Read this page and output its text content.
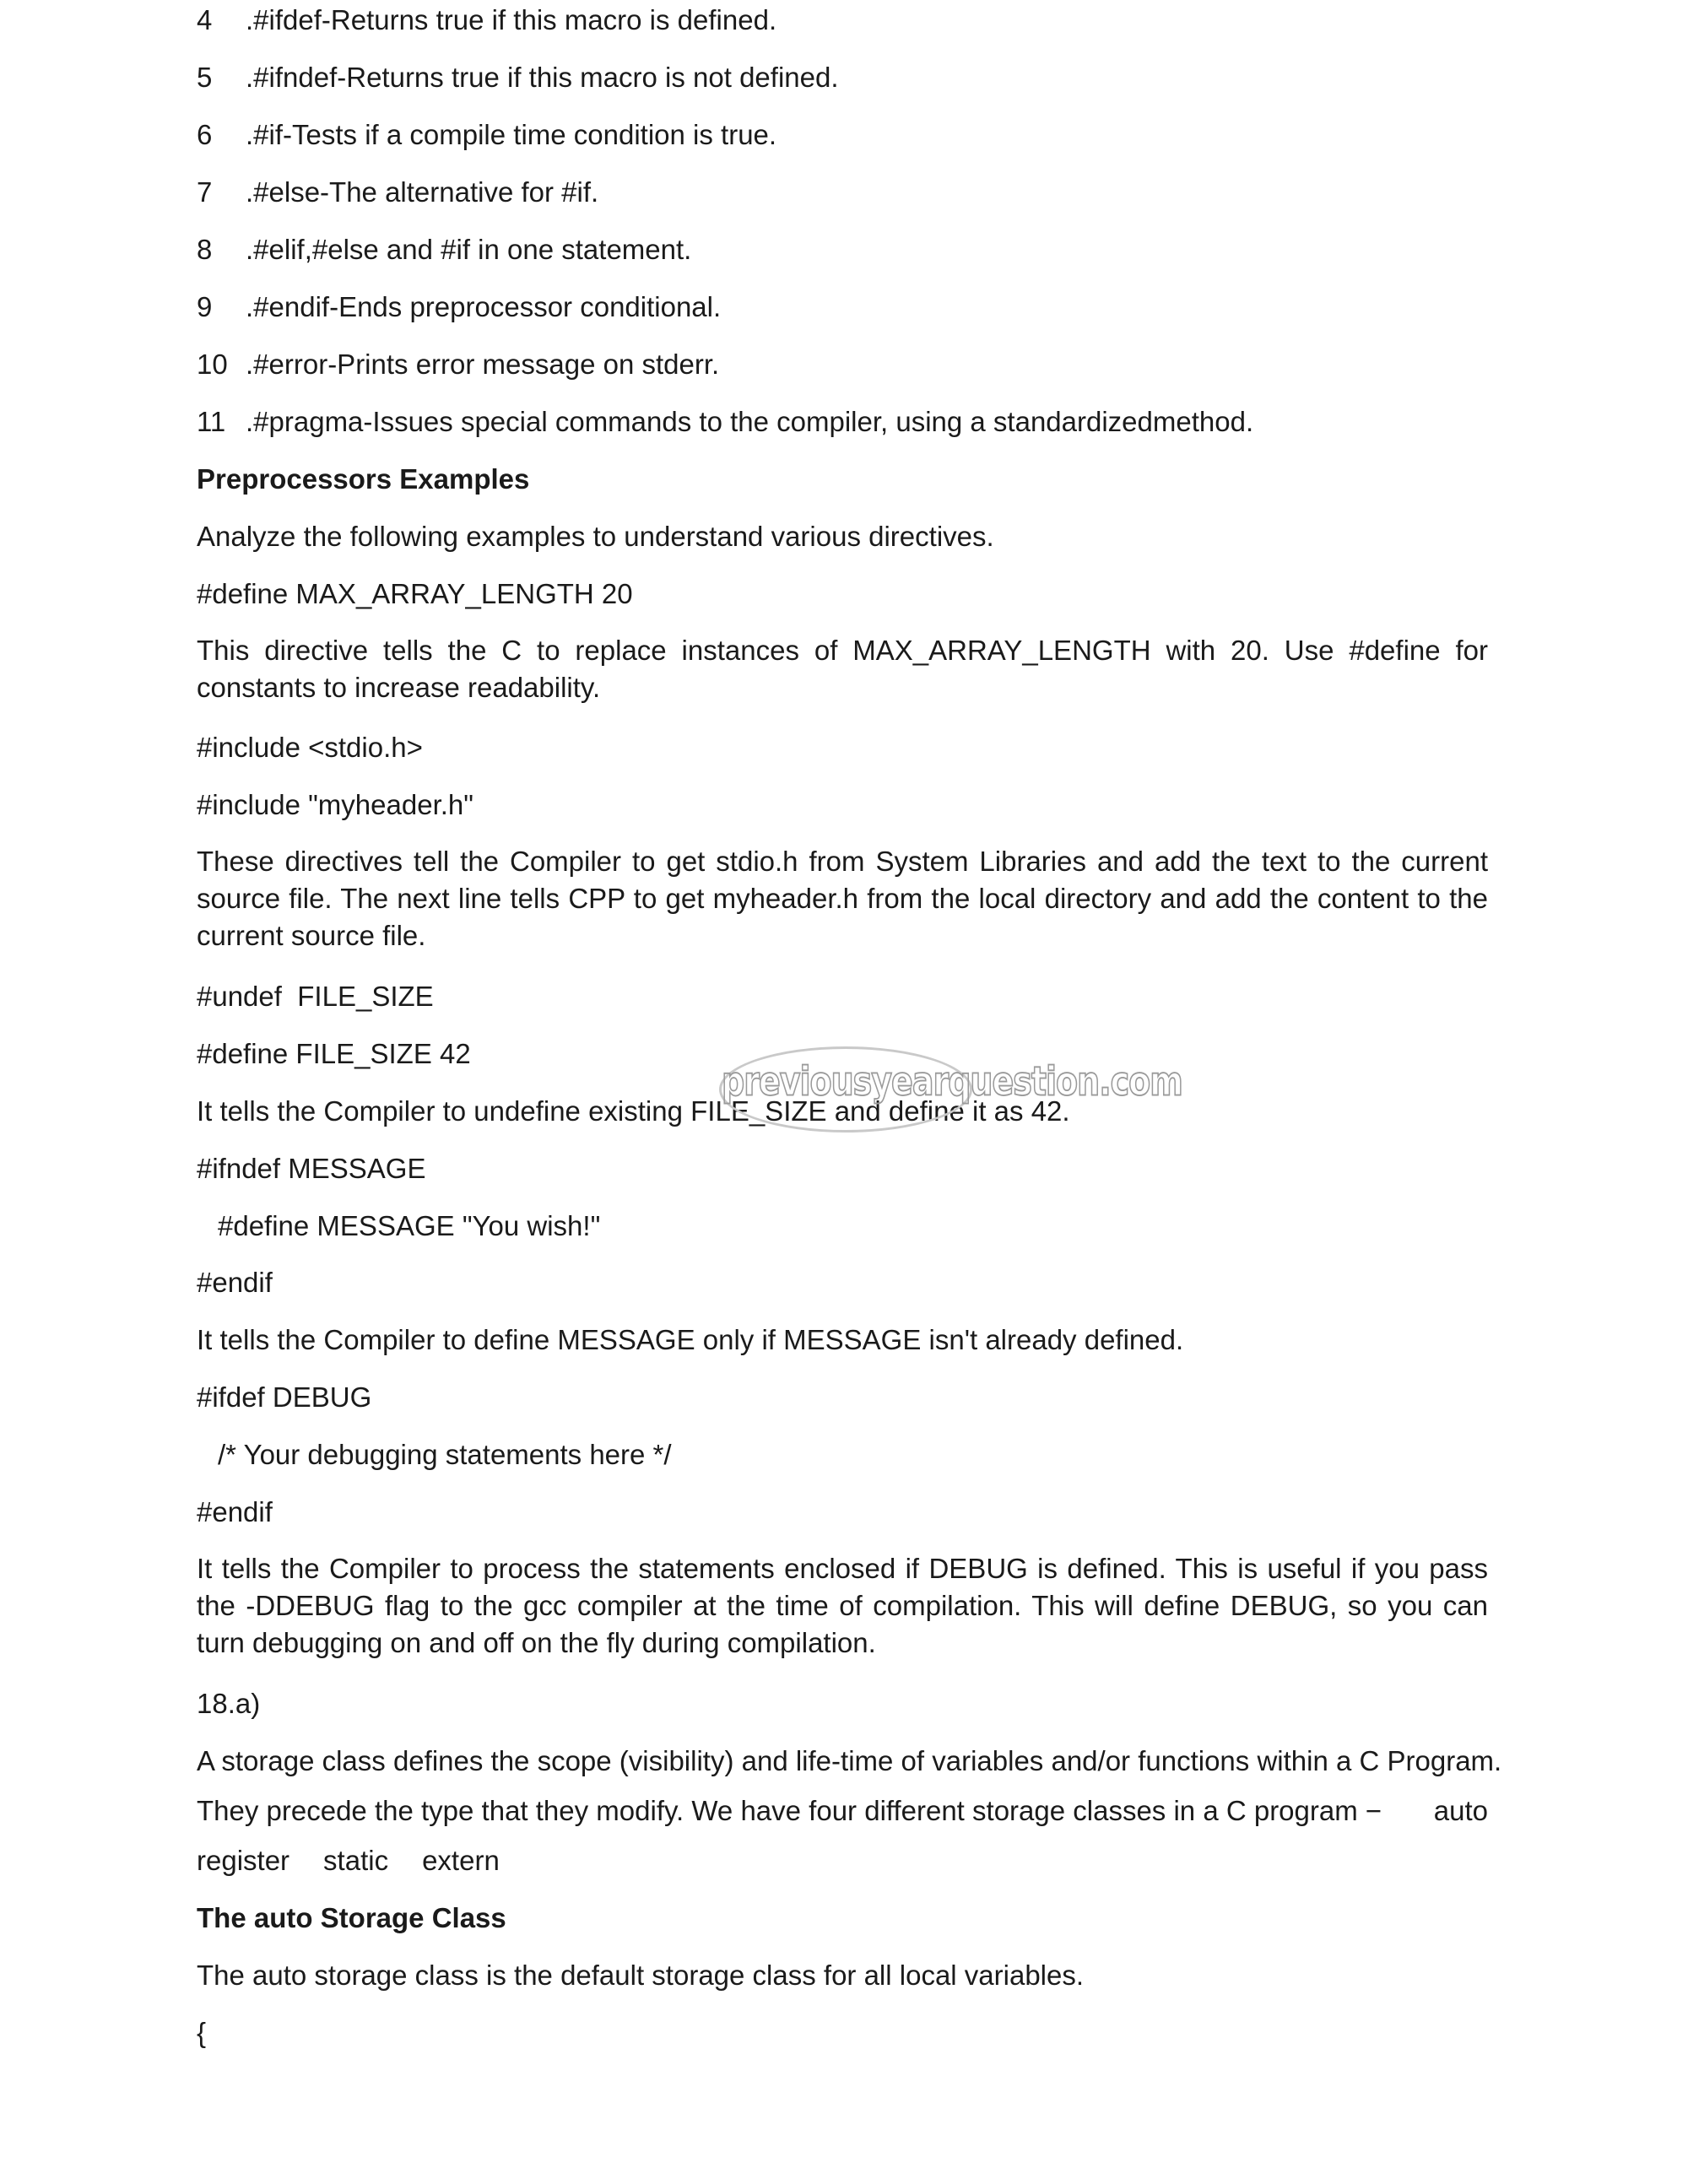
4 .#ifdef-Returns true if this macro is defined.

5 .#ifndef-Returns true if this macro is not defined.

6 .#if-Tests if a compile time condition is true.

7 .#else-The alternative for #if.

8 .#elif,#else and #if in one statement.

9 .#endif-Ends preprocessor conditional.

10 .#error-Prints error message on stderr.

11 .#pragma-Issues special commands to the compiler, using a standardizedmethod.

Preprocessors Examples

Analyze the following examples to understand various directives.

#define MAX_ARRAY_LENGTH 20

This directive tells the C to replace instances of MAX_ARRAY_LENGTH with 20. Use #define for constants to increase readability.

#include <stdio.h>

#include "myheader.h"

These directives tell the Compiler to get stdio.h from System Libraries and add the text to the current source file. The next line tells CPP to get myheader.h from the local directory and add the content to the current source file.

#undef  FILE_SIZE

#define FILE_SIZE 42

It tells the Compiler to undefine existing FILE_SIZE and define it as 42.

#ifndef MESSAGE

#define MESSAGE "You wish!"

#endif

It tells the Compiler to define MESSAGE only if MESSAGE isn't already defined.

#ifdef DEBUG

/* Your debugging statements here */

#endif

It tells the Compiler to process the statements enclosed if DEBUG is defined. This is useful if you pass the -DDEBUG flag to the gcc compiler at the time of compilation. This will define DEBUG, so you can turn debugging on and off on the fly during compilation.

18.a)

A storage class defines the scope (visibility) and life-time of variables and/or functions within a C Program.

They precede the type that they modify. We have four different storage classes in a C program − auto
register static extern

The auto Storage Class

The auto storage class is the default storage class for all local variables.

{

previousyearquestion.com
